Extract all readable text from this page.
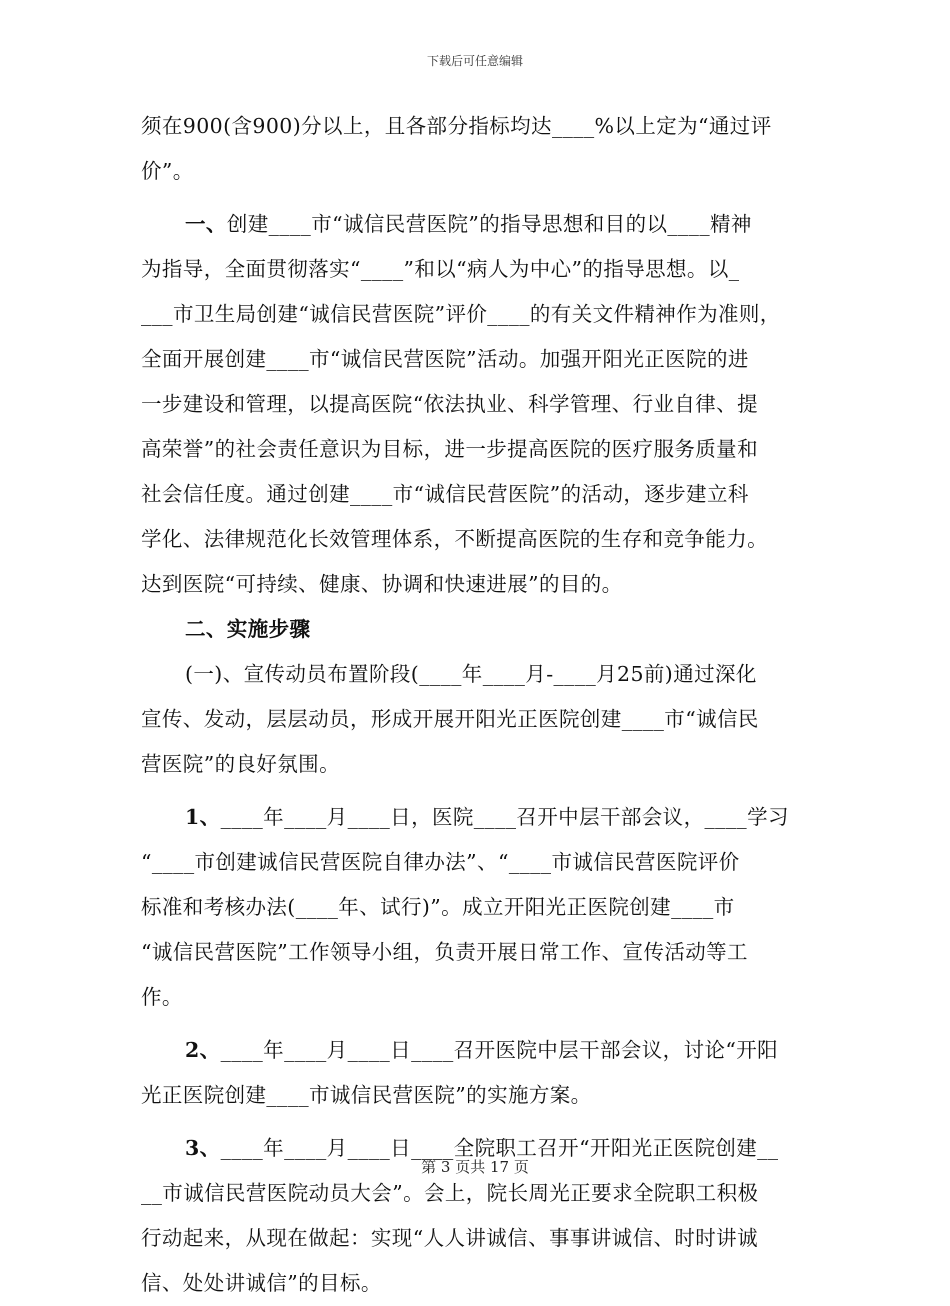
下载后可任意编辑
须在900(含900)分以上，且各部分指标均达____%以上定为“通过评
价”。
一、创建____市“诚信民营医院”的指导思想和目的以____精神
为指导，全面贯彻落实“____”和以“病人为中心”的指导思想。以_
___市卫生局创建“诚信民营医院”评价____的有关文件精神作为准则，
全面开展创建____市“诚信民营医院”活动。加强开阳光正医院的进
一步建设和管理，以提高医院“依法执业、科学管理、行业自律、提
高荣誉”的社会责任意识为目标，进一步提高医院的医疗服务质量和
社会信任度。通过创建____市“诚信民营医院”的活动，逐步建立科
学化、法律规范化长效管理体系，不断提高医院的生存和竞争能力。
达到医院“可持续、健康、协调和快速进展”的目的。
二、实施步骤
(一)、宣传动员布置阶段(____年____月-____月25前)通过深化
宣传、发动，层层动员，形成开展开阳光正医院创建____市“诚信民
营医院”的良好氛围。
1、____年____月____日，医院____召开中层干部会议，____学习
“____市创建诚信民营医院自律办法”、“____市诚信民营医院评价
标准和考核办法(____年、试行)”。成立开阳光正医院创建____市
“诚信民营医院”工作领导小组，负责开展日常工作、宣传活动等工
作。
2、____年____月____日____召开医院中层干部会议，讨论“开阳
光正医院创建____市诚信民营医院”的实施方案。
3、____年____月____日____全院职工召开“开阳光正医院创建__
__市诚信民营医院动员大会”。会上，院长周光正要求全院职工积极
行动起来，从现在做起：实现“人人讲诚信、事事讲诚信、时时讲诚
信、处处讲诚信”的目标。
第 3 页共 17 页
